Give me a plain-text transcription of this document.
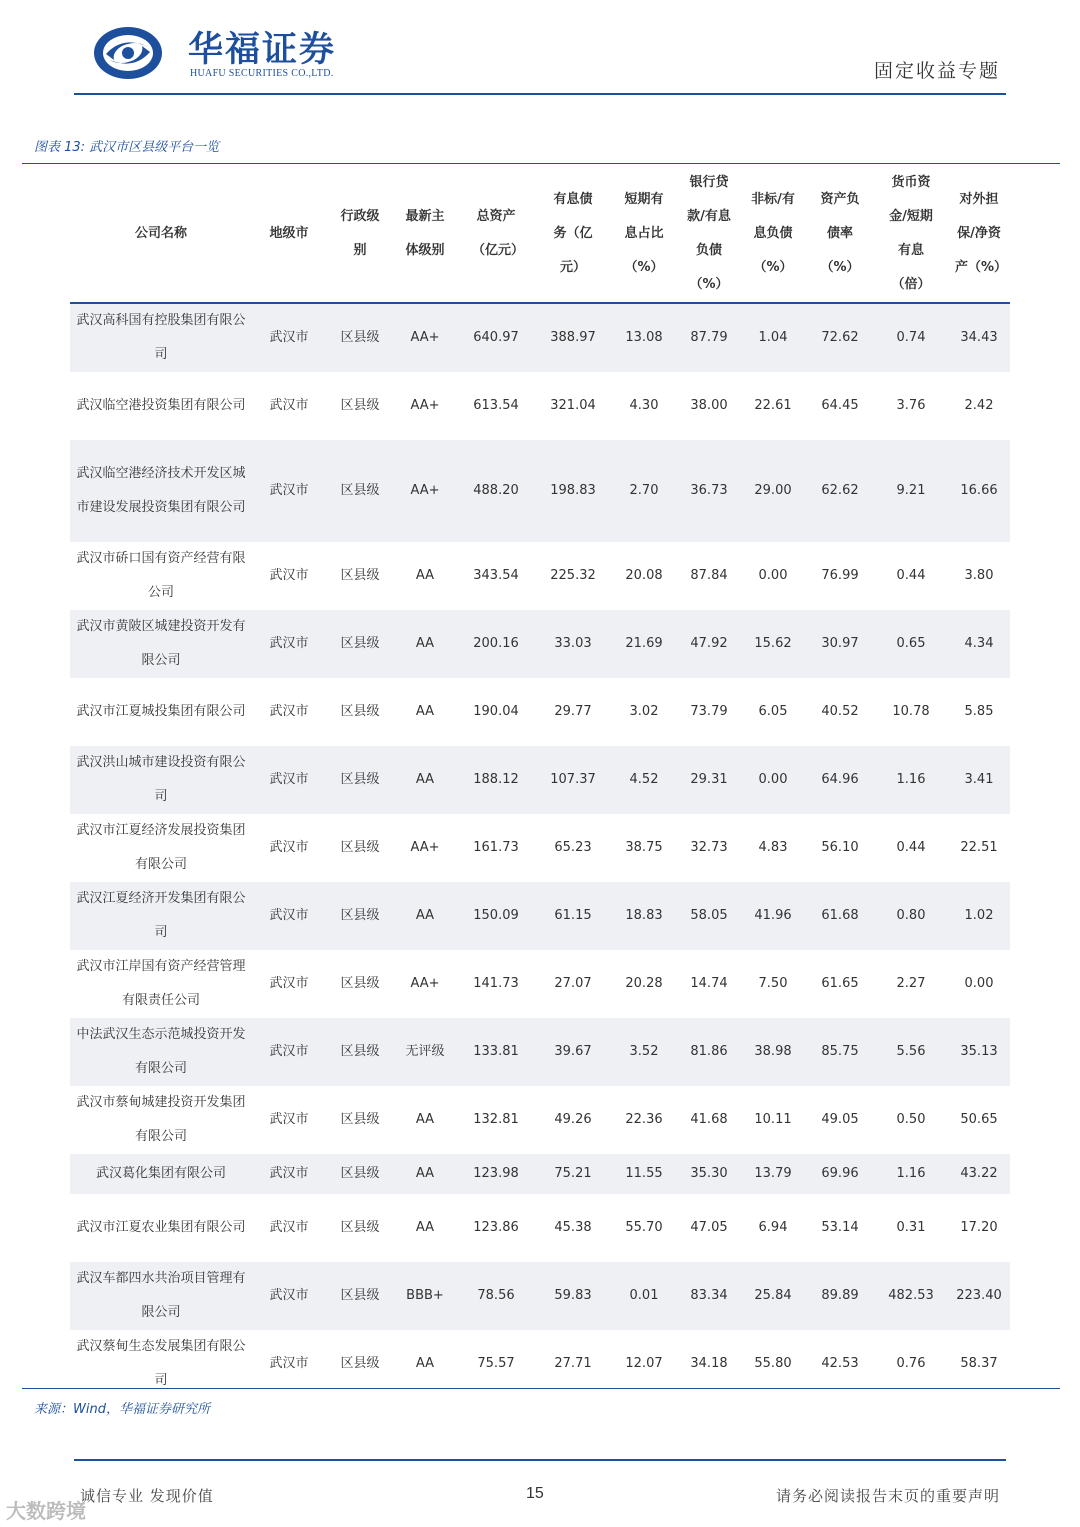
华福证券
HUAFU SECURITIES CO.,LTD.	固定收益专题
图表 13: 武汉市区县级平台一览
公司名称	地级市	行政级别	最新主体级别	总资产（亿元）	有息债务（亿元）	短期有息占比（%）	银行贷款/有息负债（%）	非标/有息负债（%）	资产负债率（%）	货币资金/短期有息（倍）	对外担保/净资产（%）

武汉高科国有控股集团有限公司	武汉市	区县级	AA+	640.97	388.97	13.08	87.79	1.04	72.62	0.74	34.43
武汉临空港投资集团有限公司	武汉市	区县级	AA+	613.54	321.04	4.30	38.00	22.61	64.45	3.76	2.42
武汉临空港经济技术开发区城市建设发展投资集团有限公司	武汉市	区县级	AA+	488.20	198.83	2.70	36.73	29.00	62.62	9.21	16.66
武汉市硚口国有资产经营有限公司	武汉市	区县级	AA	343.54	225.32	20.08	87.84	0.00	76.99	0.44	3.80
武汉市黄陂区城建投资开发有限公司	武汉市	区县级	AA	200.16	33.03	21.69	47.92	15.62	30.97	0.65	4.34
武汉市江夏城投集团有限公司	武汉市	区县级	AA	190.04	29.77	3.02	73.79	6.05	40.52	10.78	5.85
武汉洪山城市建设投资有限公司	武汉市	区县级	AA	188.12	107.37	4.52	29.31	0.00	64.96	1.16	3.41
武汉市江夏经济发展投资集团有限公司	武汉市	区县级	AA+	161.73	65.23	38.75	32.73	4.83	56.10	0.44	22.51
武汉江夏经济开发集团有限公司	武汉市	区县级	AA	150.09	61.15	18.83	58.05	41.96	61.68	0.80	1.02
武汉市江岸国有资产经营管理有限责任公司	武汉市	区县级	AA+	141.73	27.07	20.28	14.74	7.50	61.65	2.27	0.00
中法武汉生态示范城投资开发有限公司	武汉市	区县级	无评级	133.81	39.67	3.52	81.86	38.98	85.75	5.56	35.13
武汉市蔡甸城建投资开发集团有限公司	武汉市	区县级	AA	132.81	49.26	22.36	41.68	10.11	49.05	0.50	50.65
武汉葛化集团有限公司	武汉市	区县级	AA	123.98	75.21	11.55	35.30	13.79	69.96	1.16	43.22
武汉市江夏农业集团有限公司	武汉市	区县级	AA	123.86	45.38	55.70	47.05	6.94	53.14	0.31	17.20
武汉车都四水共治项目管理有限公司	武汉市	区县级	BBB+	78.56	59.83	0.01	83.34	25.84	89.89	482.53	223.40
武汉蔡甸生态发展集团有限公司	武汉市	区县级	AA	75.57	27.71	12.07	34.18	55.80	42.53	0.76	58.37
来源：Wind，华福证券研究所
诚信专业 发现价值	15	请务必阅读报告末页的重要声明
大数跨境
